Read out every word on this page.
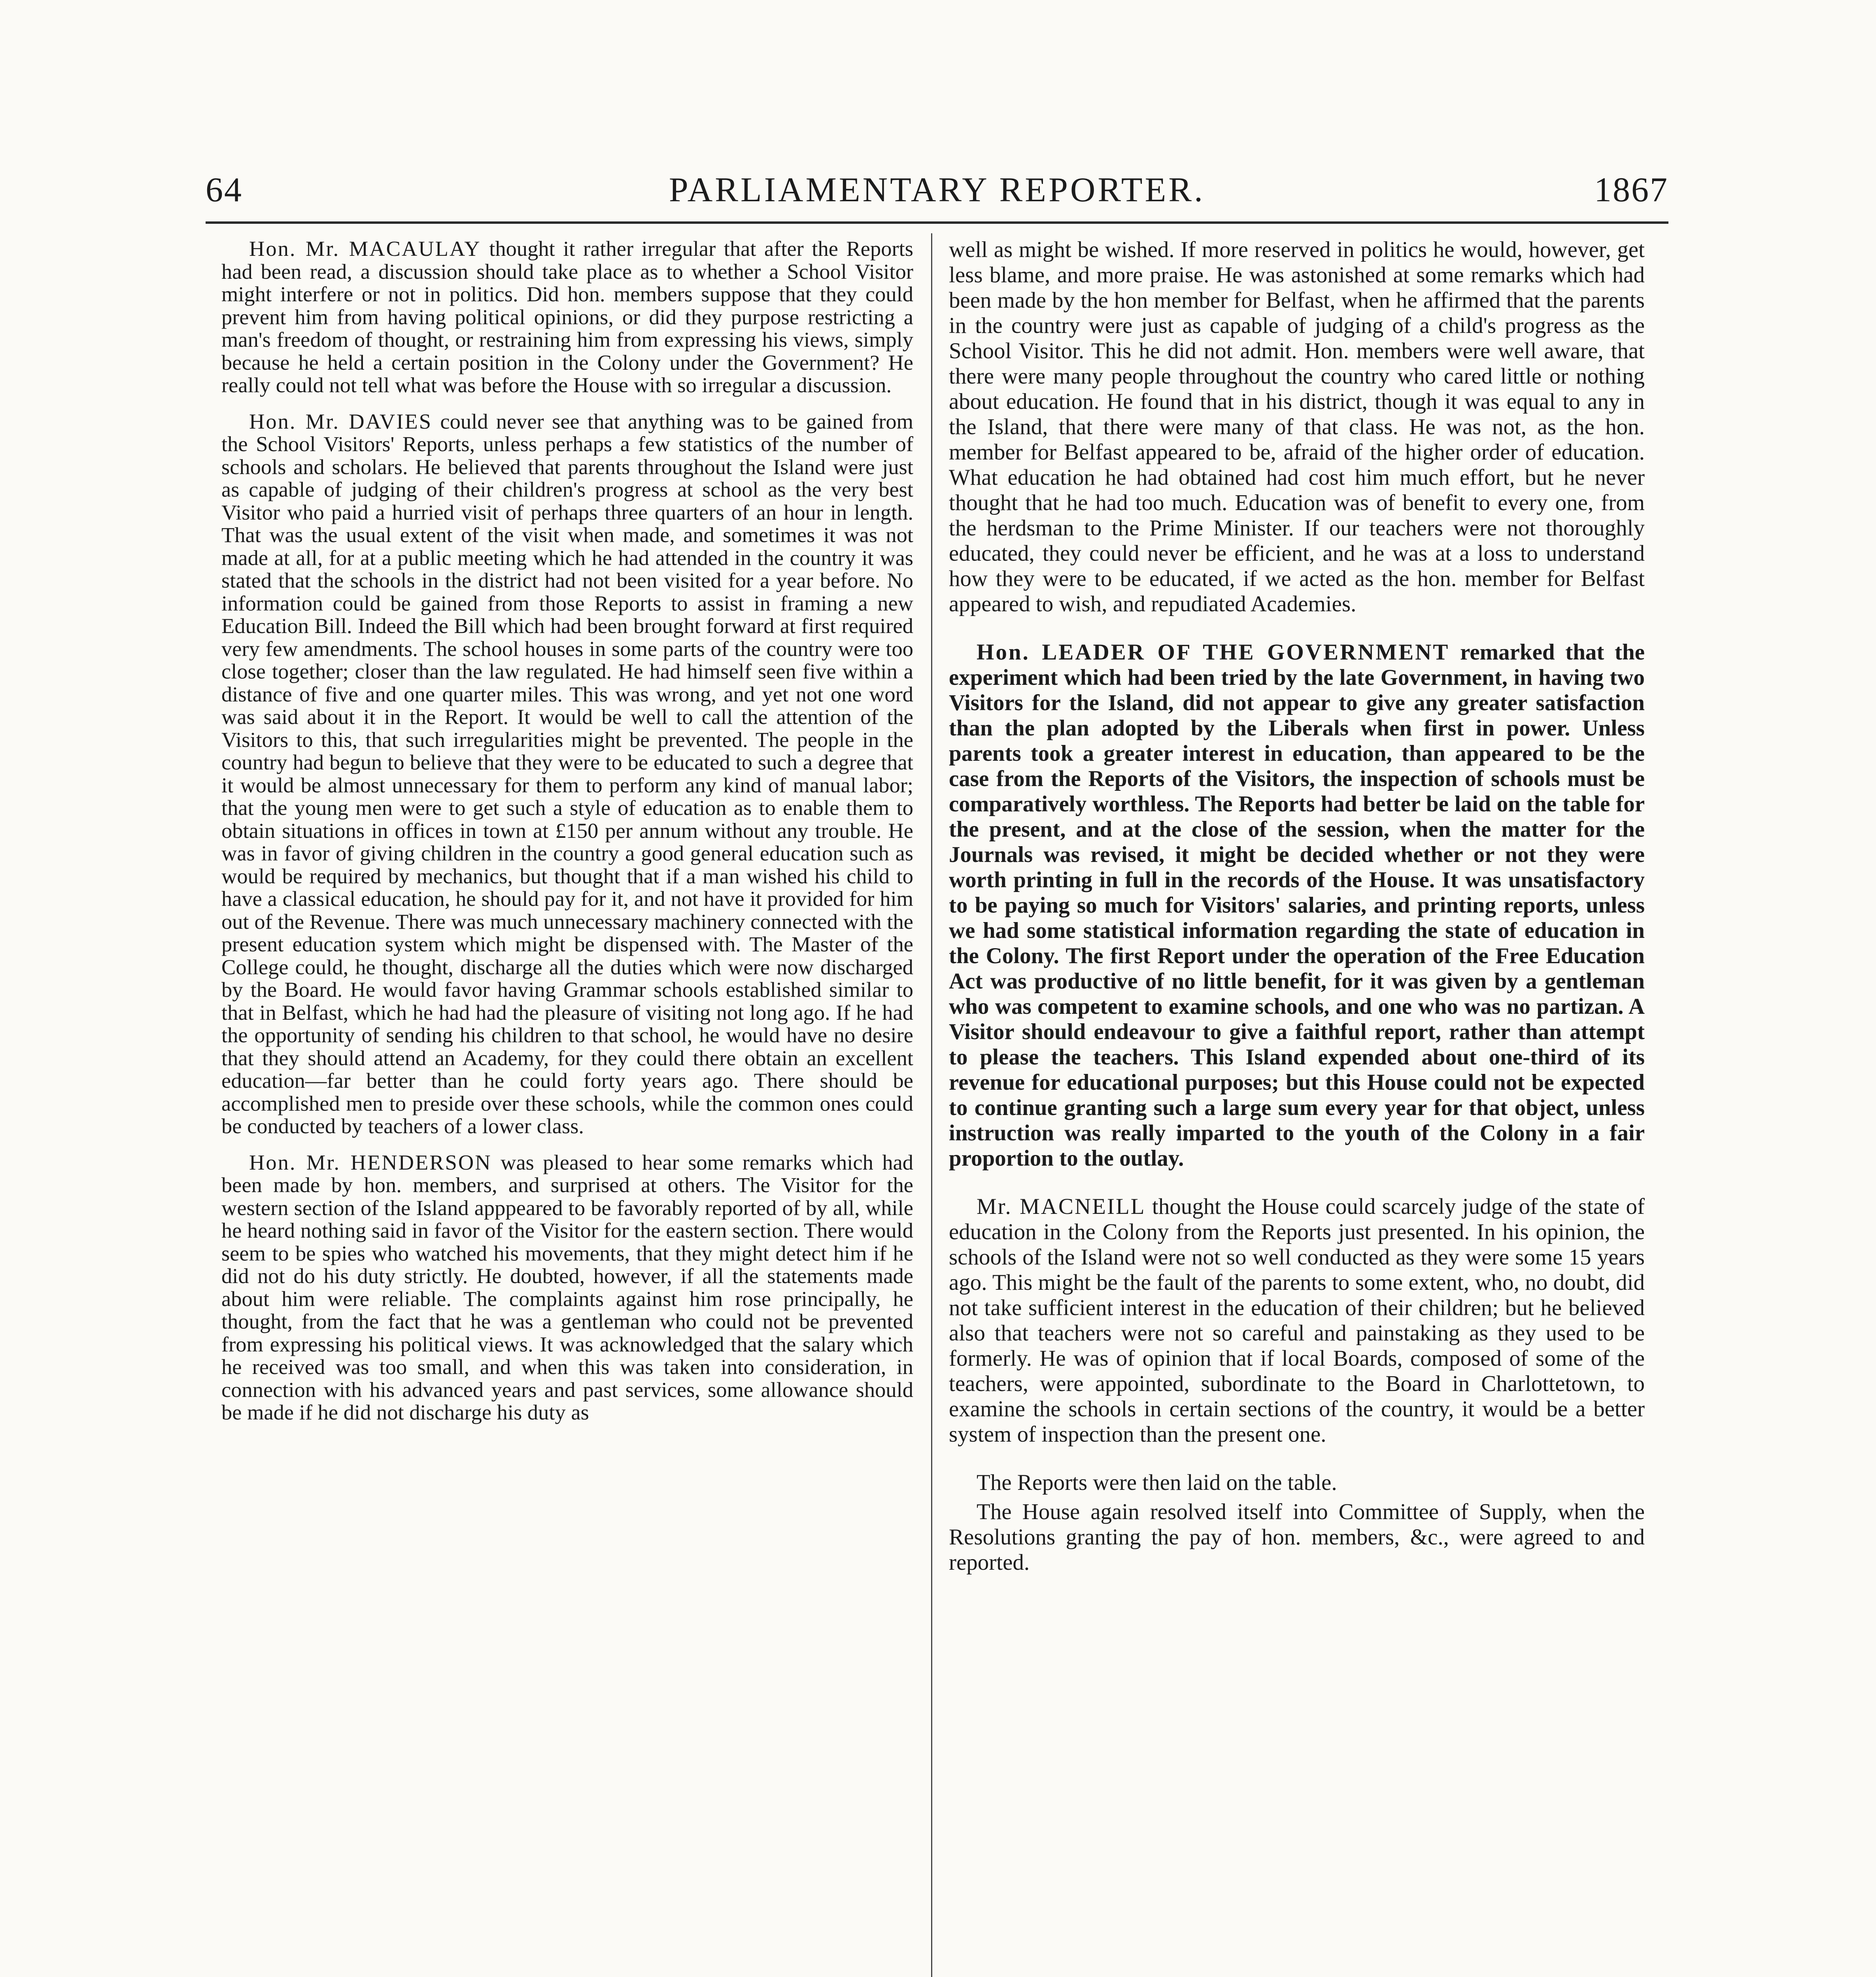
64	PARLIAMENTARY REPORTER.	1867

Hon. Mr. MACAULAY thought it rather irregular that after the Reports had been read, a discussion should take place as to whether a School Visitor might interfere or not in politics. Did hon. members suppose that they could prevent him from having political opinions, or did they purpose restricting a man's freedom of thought, or restraining him from expressing his views, simply because he held a certain position in the Colony under the Government? He really could not tell what was before the House with so irregular a discussion.

Hon. Mr. DAVIES could never see that anything was to be gained from the School Visitors' Reports, unless perhaps a few statistics of the number of schools and scholars. He believed that parents throughout the Island were just as capable of judging of their children's progress at school as the very best Visitor who paid a hurried visit of perhaps three quarters of an hour in length. That was the usual extent of the visit when made, and sometimes it was not made at all, for at a public meeting which he had attended in the country it was stated that the schools in the district had not been visited for a year before. No information could be gained from those Reports to assist in framing a new Education Bill. Indeed the Bill which had been brought forward at first required very few amendments. The school houses in some parts of the country were too close together; closer than the law regulated. He had himself seen five within a distance of five and one quarter miles. This was wrong, and yet not one word was said about it in the Report. It would be well to call the attention of the Visitors to this, that such irregularities might be prevented. The people in the country had begun to believe that they were to be educated to such a degree that it would be almost unnecessary for them to perform any kind of manual labor; that the young men were to get such a style of education as to enable them to obtain situations in offices in town at £150 per annum without any trouble. He was in favor of giving children in the country a good general education such as would be required by mechanics, but thought that if a man wished his child to have a classical education, he should pay for it, and not have it provided for him out of the Revenue. There was much unnecessary machinery connected with the present education system which might be dispensed with. The Master of the College could, he thought, discharge all the duties which were now discharged by the Board. He would favor having Grammar schools established similar to that in Belfast, which he had had the pleasure of visiting not long ago. If he had the opportunity of sending his children to that school, he would have no desire that they should attend an Academy, for they could there obtain an excellent education—far better than he could forty years ago. There should be accomplished men to preside over these schools, while the common ones could be conducted by teachers of a lower class.

Hon. Mr. HENDERSON was pleased to hear some remarks which had been made by hon. members, and surprised at others. The Visitor for the western section of the Island apppeared to be favorably reported of by all, while he heard nothing said in favor of the Visitor for the eastern section. There would seem to be spies who watched his movements, that they might detect him if he did not do his duty strictly. He doubted, however, if all the statements made about him were reliable. The complaints against him rose principally, he thought, from the fact that he was a gentleman who could not be prevented from expressing his political views. It was acknowledged that the salary which he received was too small, and when this was taken into consideration, in connection with his advanced years and past services, some allowance should be made if he did not discharge his duty as

well as might be wished. If more reserved in politics he would, however, get less blame, and more praise. He was astonished at some remarks which had been made by the hon member for Belfast, when he affirmed that the parents in the country were just as capable of judging of a child's progress as the School Visitor. This he did not admit. Hon. members were well aware, that there were many people throughout the country who cared little or nothing about education. He found that in his district, though it was equal to any in the Island, that there were many of that class. He was not, as the hon. member for Belfast appeared to be, afraid of the higher order of education. What education he had obtained had cost him much effort, but he never thought that he had too much. Education was of benefit to every one, from the herdsman to the Prime Minister. If our teachers were not thoroughly educated, they could never be efficient, and he was at a loss to understand how they were to be educated, if we acted as the hon. member for Belfast appeared to wish, and repudiated Academies.

Hon. LEADER OF THE GOVERNMENT remarked that the experiment which had been tried by the late Government, in having two Visitors for the Island, did not appear to give any greater satisfaction than the plan adopted by the Liberals when first in power. Unless parents took a greater interest in education, than appeared to be the case from the Reports of the Visitors, the inspection of schools must be comparatively worthless. The Reports had better be laid on the table for the present, and at the close of the session, when the matter for the Journals was revised, it might be decided whether or not they were worth printing in full in the records of the House. It was unsatisfactory to be paying so much for Visitors' salaries, and printing reports, unless we had some statistical information regarding the state of education in the Colony. The first Report under the operation of the Free Education Act was productive of no little benefit, for it was given by a gentleman who was competent to examine schools, and one who was no partizan. A Visitor should endeavour to give a faithful report, rather than attempt to please the teachers. This Island expended about one-third of its revenue for educational purposes; but this House could not be expected to continue granting such a large sum every year for that object, unless instruction was really imparted to the youth of the Colony in a fair proportion to the outlay.

Mr. MACNEILL thought the House could scarcely judge of the state of education in the Colony from the Reports just presented. In his opinion, the schools of the Island were not so well conducted as they were some 15 years ago. This might be the fault of the parents to some extent, who, no doubt, did not take sufficient interest in the education of their children; but he believed also that teachers were not so careful and painstaking as they used to be formerly. He was of opinion that if local Boards, composed of some of the teachers, were appointed, subordinate to the Board in Charlottetown, to examine the schools in certain sections of the country, it would be a better system of inspection than the present one.

The Reports were then laid on the table.

The House again resolved itself into Committee of Supply, when the Resolutions granting the pay of hon. members, &c., were agreed to and reported.
